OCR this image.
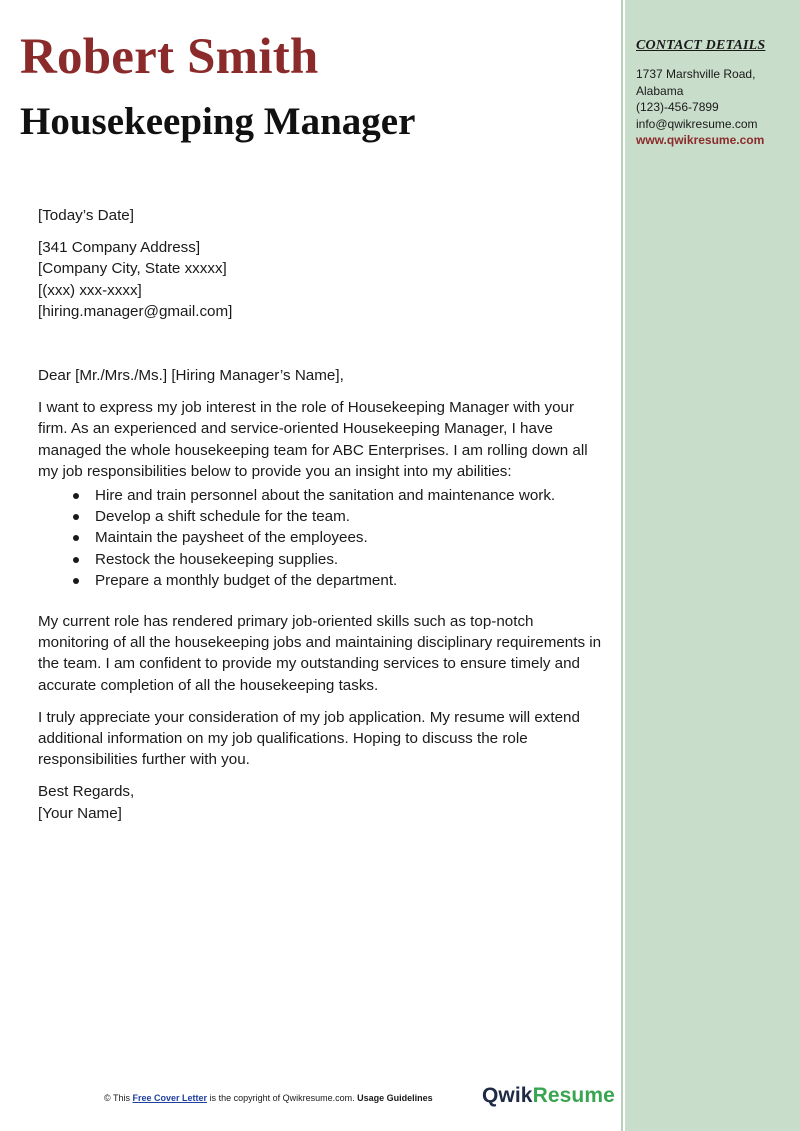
Robert Smith
Housekeeping Manager
CONTACT DETAILS
1737 Marshville Road,
Alabama
(123)-456-7899
info@qwikresume.com
www.qwikresume.com

[Today’s Date]

[341 Company Address]

[Company City, State xxxxx]

[(xxx) xxx-xxxx]

[hiring.manager@gmail.com]

Dear [Mr./Mrs./Ms.] [Hiring Manager’s Name],

I want to express my job interest in the role of Housekeeping Manager with your firm. As an experienced and service-oriented Housekeeping Manager, I have managed the whole housekeeping team for ABC Enterprises. I am rolling down all my job responsibilities below to provide you an insight into my abilities:

Hire and train personnel about the sanitation and maintenance work.
Develop a shift schedule for the team.
Maintain the paysheet of the employees.
Restock the housekeeping supplies.
Prepare a monthly budget of the department.

My current role has rendered primary job-oriented skills such as top-notch monitoring of all the housekeeping jobs and maintaining disciplinary requirements in the team. I am confident to provide my outstanding services to ensure timely and accurate completion of all the housekeeping tasks.

I truly appreciate your consideration of my job application. My resume will extend additional information on my job qualifications. Hoping to discuss the role responsibilities further with you.

Best Regards,

[Your Name]

© This Free Cover Letter is the copyright of Qwikresume.com. Usage Guidelines QwikResume
